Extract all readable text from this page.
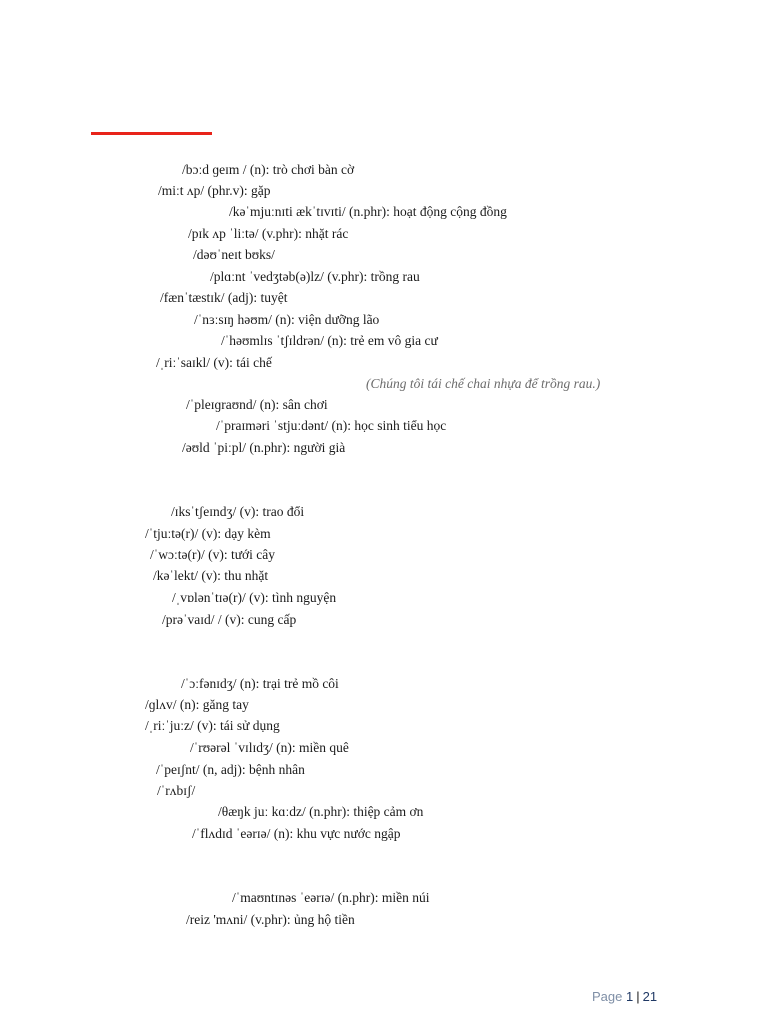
/bɔːd ɡeɪm / (n): trò chơi bàn cờ
/miːt ʌp/ (phr.v): gặp
/kəˈmjuːnɪti ækˈtɪvɪti/ (n.phr): hoạt động cộng đồng
/pɪk ʌp ˈliːtə/ (v.phr): nhặt rác
/dəʊˈneɪt bʊks/
/plɑːnt ˈvedʒtəb(ə)lz/ (v.phr): trồng rau
/fænˈtæstɪk/ (adj): tuyệt
/ˈnɜːsɪŋ həʊm/ (n): viện dưỡng lão
/ˈhəʊmlɪs ˈtʃɪldrən/ (n): trẻ em vô gia cư
/ˌriːˈsaɪkl/ (v): tái chế
(Chúng tôi tái chế chai nhựa để trồng rau.)
/ˈpleɪɡraʊnd/ (n): sân chơi
/ˈpraɪməri ˈstjuːdənt/ (n): học sinh tiểu học
/əʊld ˈpiːpl/ (n.phr): người già
/ɪksˈtʃeɪndʒ/ (v): trao đổi
/ˈtjuːtə(r)/ (v): dạy kèm
/ˈwɔːtə(r)/ (v): tưới cây
/kəˈlekt/ (v): thu nhặt
/ˌvɒlənˈtɪə(r)/ (v): tình nguyện
/prəˈvaɪd/ / (v): cung cấp
/ˈɔːfənɪdʒ/ (n): trại trẻ mồ côi
/ɡlʌv/ (n): găng tay
/ˌriːˈjuːz/ (v): tái sử dụng
/ˈrʊərəl ˈvɪlɪdʒ/ (n): miền quê
/ˈpeɪʃnt/ (n, adj): bệnh nhân
/ˈrʌbɪʃ/
/θæŋk juː kɑːdz/ (n.phr): thiệp cảm ơn
/ˈflʌdɪd ˈeərɪə/ (n): khu vực nước ngập
/ˈmaʊntɪnəs ˈeərɪə/ (n.phr): miền núi
/reiz 'mʌni/ (v.phr): ủng hộ tiền
Page 1 | 21
